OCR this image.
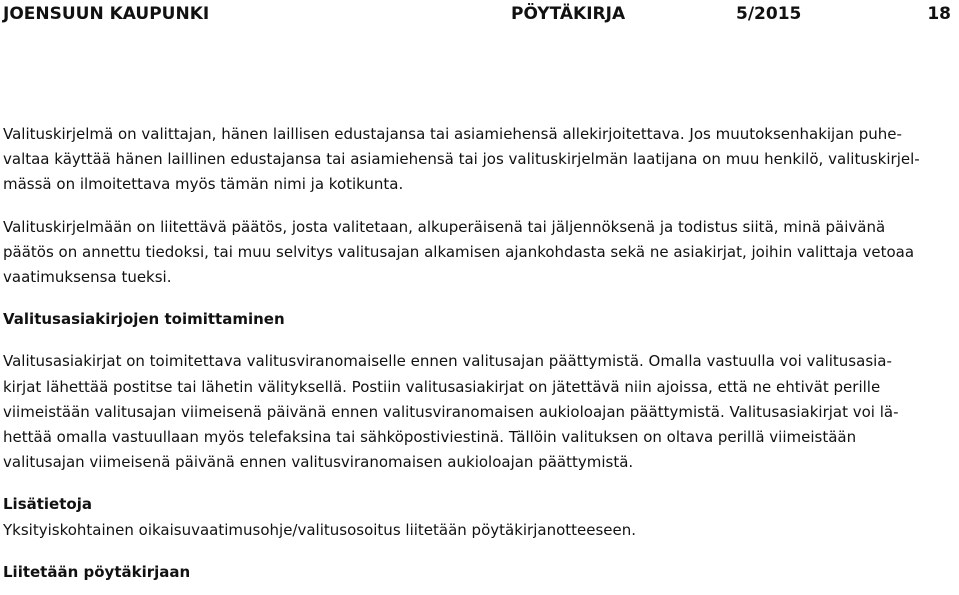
JOENSUUN KAUPUNKI	PÖYTÄKIRJA	5/2015	18

Valituskirjelmä on valittajan, hänen laillisen edustajansa tai asiamiehensä allekirjoitettava. Jos muutoksenhakijan puhe-

valtaa käyttää hänen laillinen edustajansa tai asiamiehensä tai jos valituskirjelmän laatijana on muu henkilö, valituskirjel-

mässä on ilmoitettava myös tämän nimi ja kotikunta.

Valituskirjelmään on liitettävä päätös, josta valitetaan, alkuperäisenä tai jäljennöksenä ja todistus siitä, minä päivänä

päätös on annettu tiedoksi, tai muu selvitys valitusajan alkamisen ajankohdasta sekä ne asiakirjat, joihin valittaja vetoaa

vaatimuksensa tueksi.

Valitusasiakirjojen toimittaminen

Valitusasiakirjat on toimitettava valitusviranomaiselle ennen valitusajan päättymistä. Omalla vastuulla voi valitusasia-

kirjat lähettää postitse tai lähetin välityksellä. Postiin valitusasiakirjat on jätettävä niin ajoissa, että ne ehtivät perille

viimeistään valitusajan viimeisenä päivänä ennen valitusviranomaisen aukioloajan päättymistä. Valitusasiakirjat voi lä-

hettää omalla vastuullaan myös telefaksina tai sähköpostiviestinä. Tällöin valituksen on oltava perillä viimeistään

valitusajan viimeisenä päivänä ennen valitusviranomaisen aukioloajan päättymistä.

Lisätietoja

Yksityiskohtainen oikaisuvaatimusohje/valitusosoitus liitetään pöytäkirjanotteeseen.

Liitetään pöytäkirjaan
